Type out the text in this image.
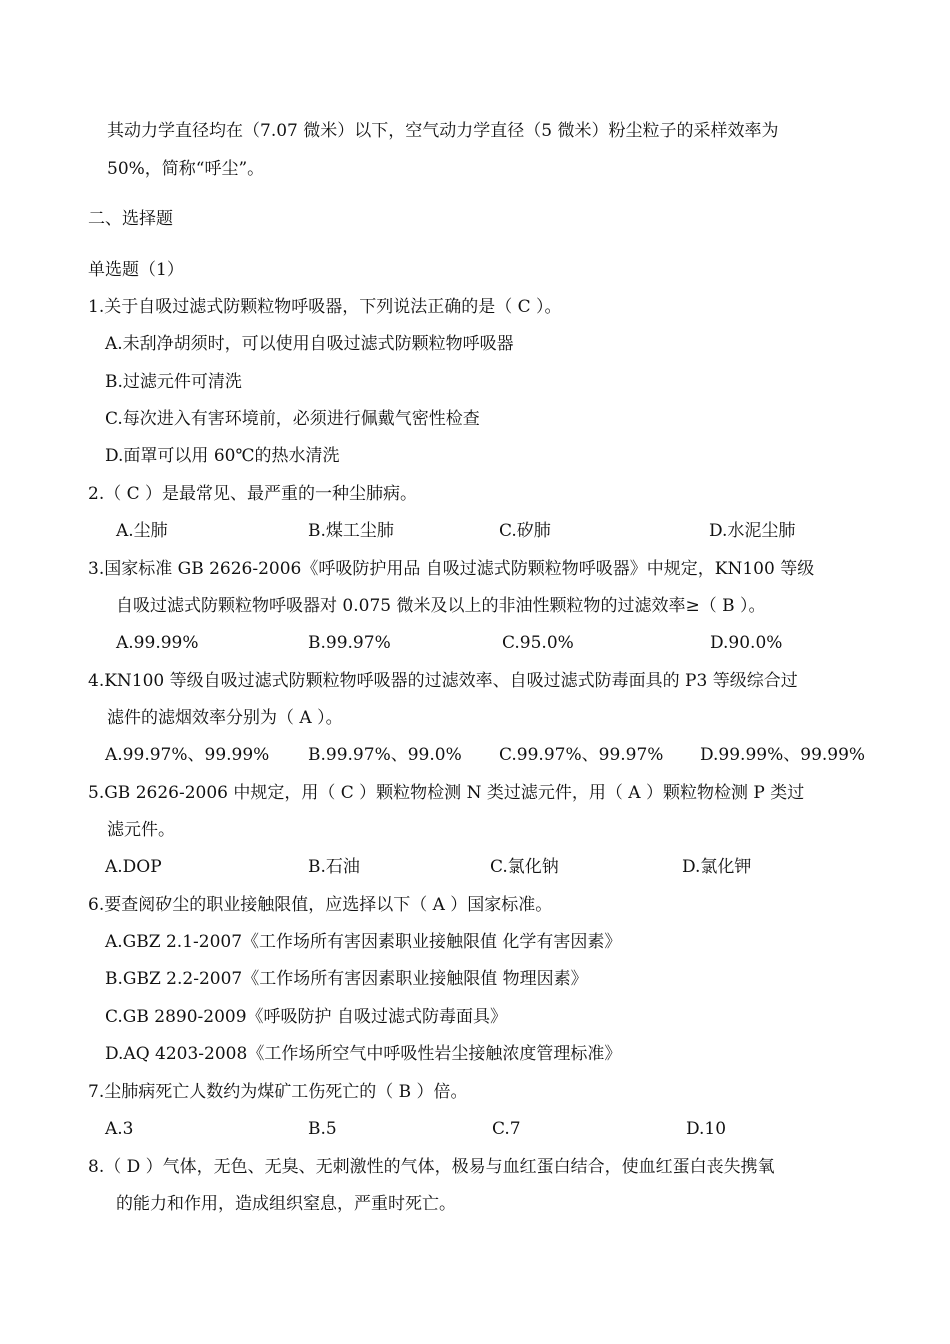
其动力学直径均在（7.07 微米）以下，空气动力学直径（5 微米）粉尘粒子的采样效率为
50%，简称“呼尘”。
二、选择题
单选题（1）
1.关于自吸过滤式防颗粒物呼吸器，下列说法正确的是（ C ）。
A.未刮净胡须时，可以使用自吸过滤式防颗粒物呼吸器
B.过滤元件可清洗
C.每次进入有害环境前，必须进行佩戴气密性检查
D.面罩可以用 60℃的热水清洗
2.（ C ）是最常见、最严重的一种尘肺病。
A.尘肺	B.煤工尘肺	C.矽肺	D.水泥尘肺
3.国家标准 GB 2626-2006《呼吸防护用品 自吸过滤式防颗粒物呼吸器》中规定，KN100 等级
自吸过滤式防颗粒物呼吸器对 0.075 微米及以上的非油性颗粒物的过滤效率≥（ B ）。
A.99.99%	B.99.97%	C.95.0%	D.90.0%
4.KN100 等级自吸过滤式防颗粒物呼吸器的过滤效率、自吸过滤式防毒面具的 P3 等级综合过
滤件的滤烟效率分别为（ A ）。
A.99.97%、99.99% B.99.97%、99.0% C.99.97%、99.97% D.99.99%、99.99%
5.GB 2626-2006 中规定，用（ C ）颗粒物检测 N 类过滤元件，用（ A ）颗粒物检测 P 类过
滤元件。
A.DOP	B.石油	C.氯化钠	D.氯化钾
6.要查阅矽尘的职业接触限值，应选择以下（ A ）国家标准。
A.GBZ 2.1-2007《工作场所有害因素职业接触限值 化学有害因素》
B.GBZ 2.2-2007《工作场所有害因素职业接触限值 物理因素》
C.GB 2890-2009《呼吸防护 自吸过滤式防毒面具》
D.AQ 4203-2008《工作场所空气中呼吸性岩尘接触浓度管理标准》
7.尘肺病死亡人数约为煤矿工伤死亡的（ B ）倍。
A.3	B.5	C.7	D.10
8.（ D ）气体，无色、无臭、无刺激性的气体，极易与血红蛋白结合，使血红蛋白丧失携氧
的能力和作用，造成组织窒息，严重时死亡。
